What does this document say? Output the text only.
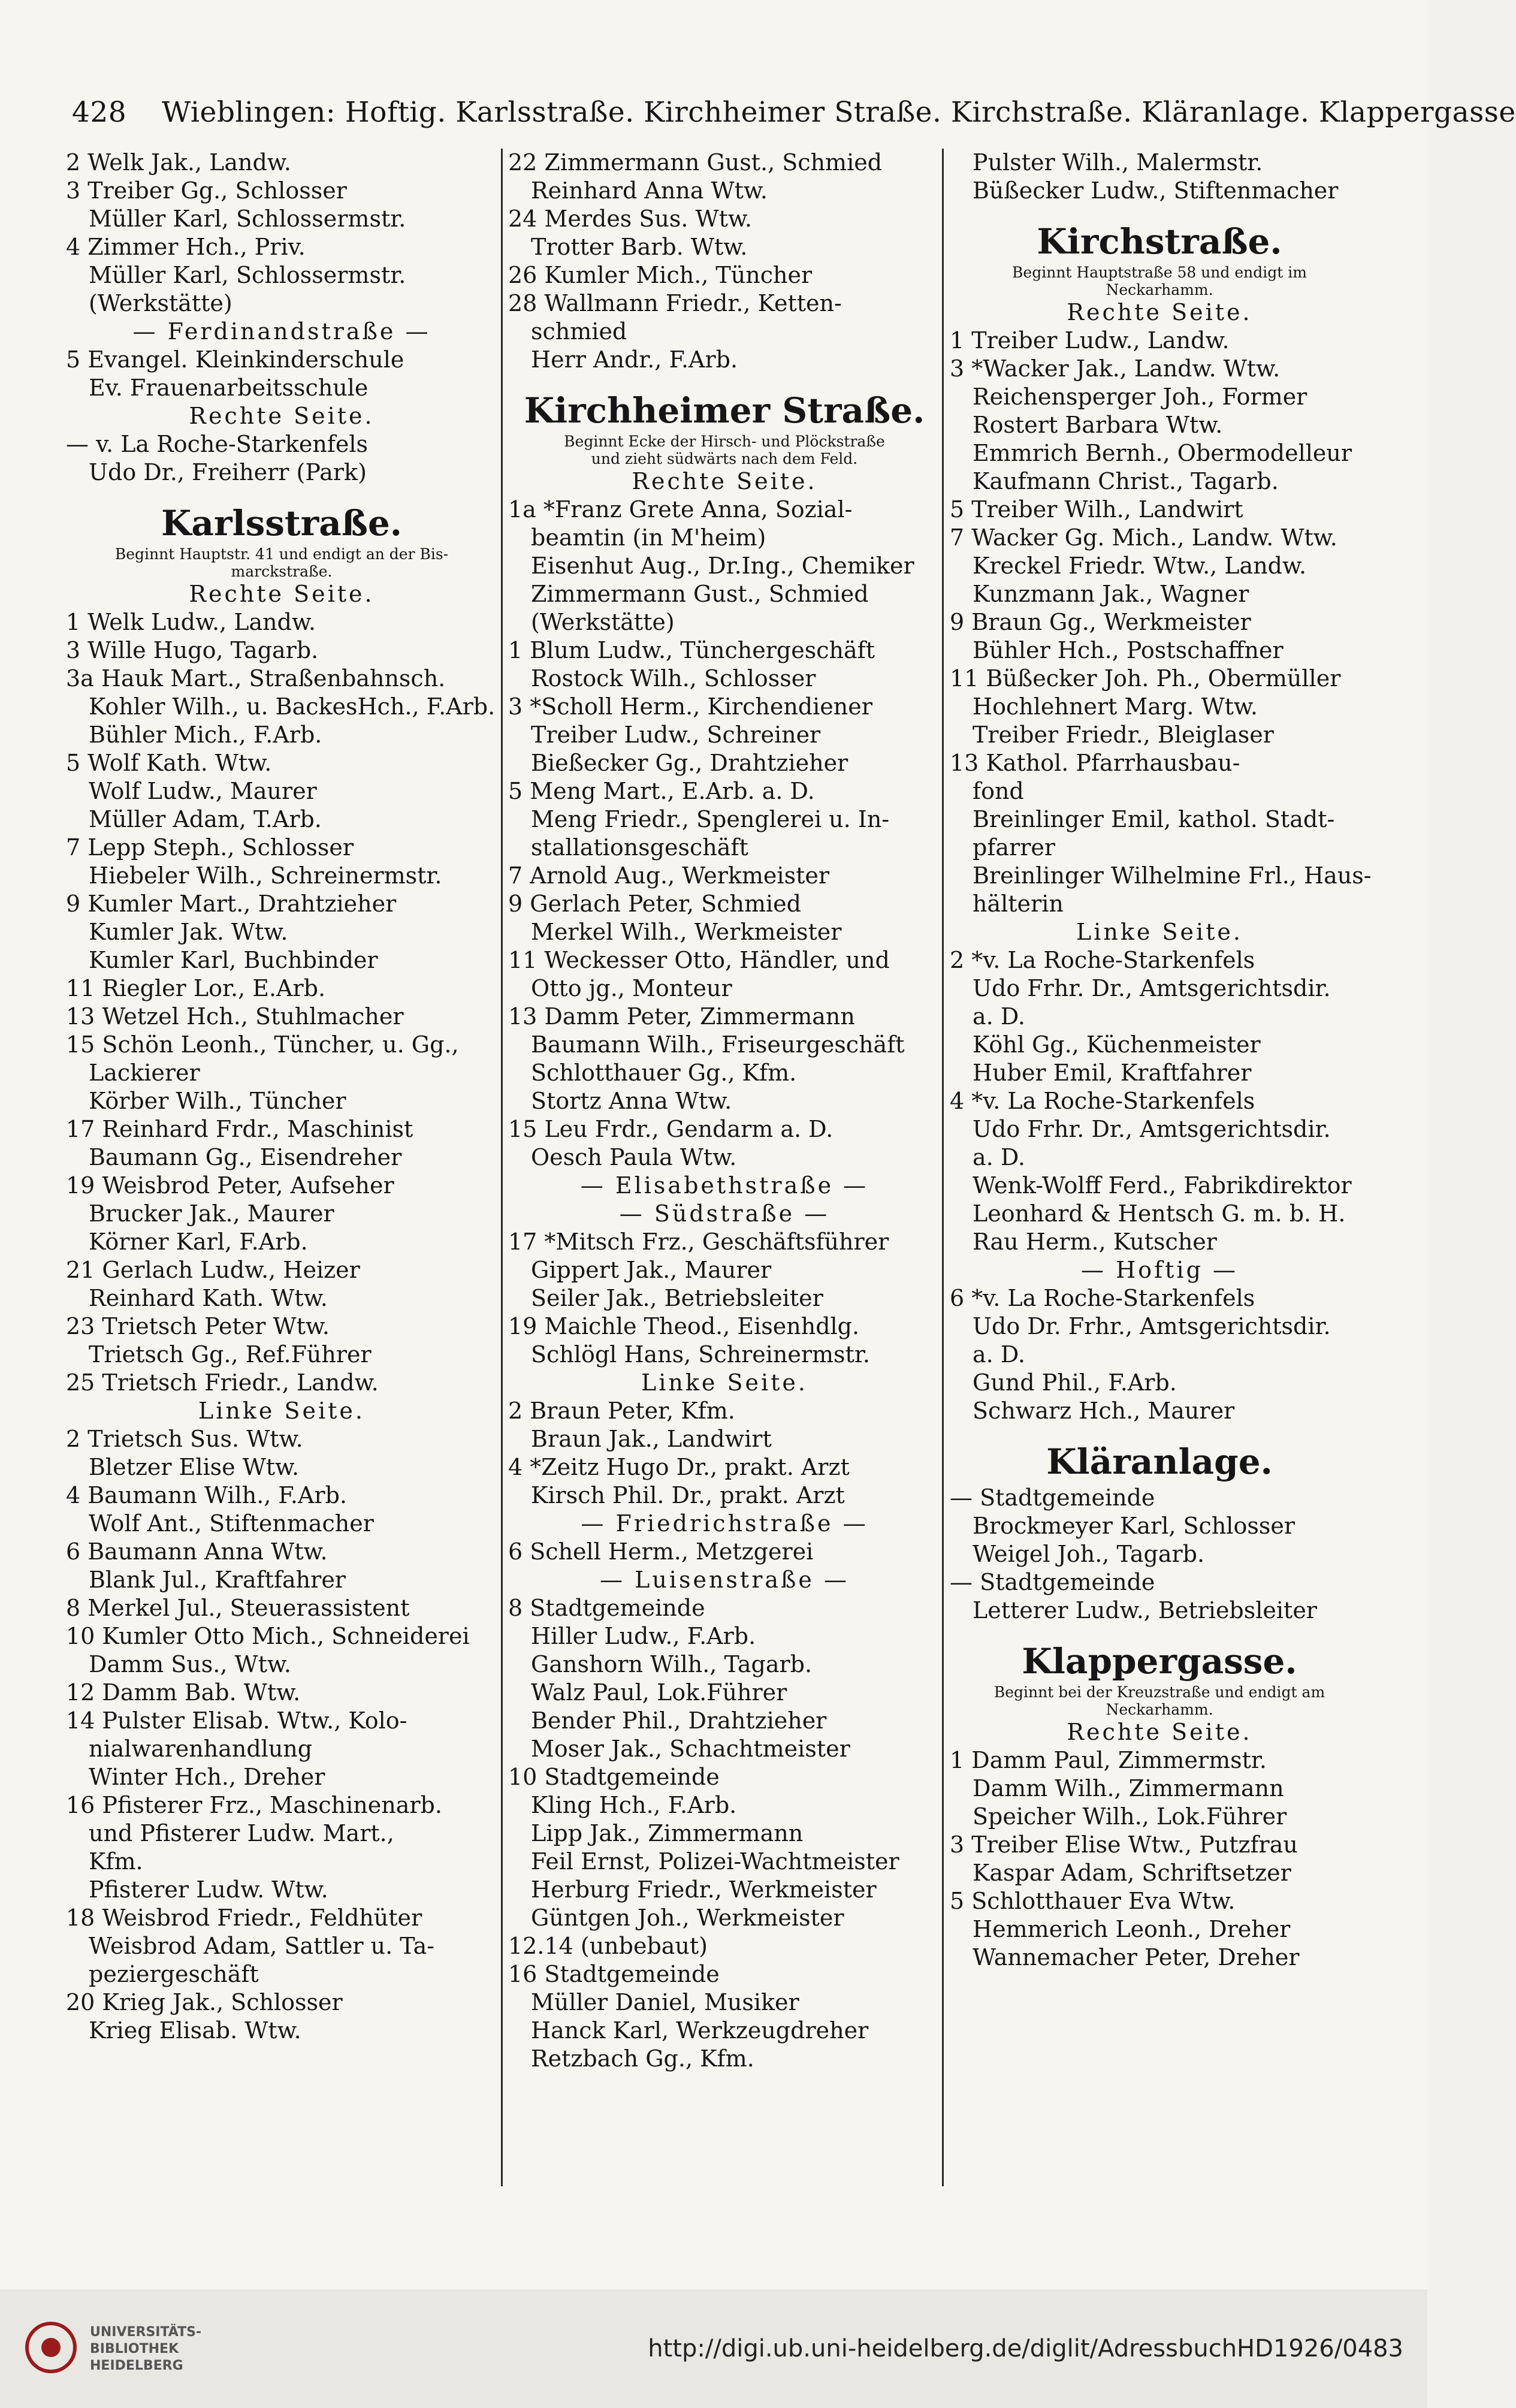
428 Wieblingen: Hoftig. Karlsstraße. Kirchheimer Straße. Kirchstraße. Kläranlage. Klappergasse
2 Welk Jak., Landw.
3 Treiber Gg., Schlosser
Müller Karl, Schlossermstr.
4 Zimmer Hch., Priv.
Müller Karl, Schlossermstr.
(Werkstätte)
— Ferdinandstraße —
5 Evangel. Kleinkinderschule
Ev. Frauenarbeitsschule
Rechte Seite.
— v. La Roche-Starkenfels
Udo Dr., Freiherr (Park)
Karlsstraße.
Beginnt Hauptstr. 41 und endigt an der Bis-
marckstraße.
Rechte Seite.
1 Welk Ludw., Landw.
3 Wille Hugo, Tagarb.
3a Hauk Mart., Straßenbahnsch.
Kohler Wilh., u. BackesHch., F.Arb.
Bühler Mich., F.Arb.
5 Wolf Kath. Wtw.
Wolf Ludw., Maurer
Müller Adam, T.Arb.
7 Lepp Steph., Schlosser
Hiebeler Wilh., Schreinermstr.
9 Kumler Mart., Drahtzieher
Kumler Jak. Wtw.
Kumler Karl, Buchbinder
11 Riegler Lor., E.Arb.
13 Wetzel Hch., Stuhlmacher
15 Schön Leonh., Tüncher, u. Gg.,
Lackierer
Körber Wilh., Tüncher
17 Reinhard Frdr., Maschinist
Baumann Gg., Eisendreher
19 Weisbrod Peter, Aufseher
Brucker Jak., Maurer
Körner Karl, F.Arb.
21 Gerlach Ludw., Heizer
Reinhard Kath. Wtw.
23 Trietsch Peter Wtw.
Trietsch Gg., Ref.Führer
25 Trietsch Friedr., Landw.
Linke Seite.
2 Trietsch Sus. Wtw.
Bletzer Elise Wtw.
4 Baumann Wilh., F.Arb.
Wolf Ant., Stiftenmacher
6 Baumann Anna Wtw.
Blank Jul., Kraftfahrer
8 Merkel Jul., Steuerassistent
10 Kumler Otto Mich., Schneiderei
Damm Sus., Wtw.
12 Damm Bab. Wtw.
14 Pulster Elisab. Wtw., Kolo-
nialwarenhandlung
Winter Hch., Dreher
16 Pfisterer Frz., Maschinenarb.
und Pfisterer Ludw. Mart.,
Kfm.
Pfisterer Ludw. Wtw.
18 Weisbrod Friedr., Feldhüter
Weisbrod Adam, Sattler u. Ta-
peziergeschäft
20 Krieg Jak., Schlosser
Krieg Elisab. Wtw.
22 Zimmermann Gust., Schmied
Reinhard Anna Wtw.
24 Merdes Sus. Wtw.
Trotter Barb. Wtw.
26 Kumler Mich., Tüncher
28 Wallmann Friedr., Ketten-
schmied
Herr Andr., F.Arb.
Kirchheimer Straße.
Beginnt Ecke der Hirsch- und Plöckstraße
und zieht südwärts nach dem Feld.
Rechte Seite.
1a *Franz Grete Anna, Sozial-
beamtin (in M'heim)
Eisenhut Aug., Dr.Ing., Chemiker
Zimmermann Gust., Schmied
(Werkstätte)
1 Blum Ludw., Tünchergeschäft
Rostock Wilh., Schlosser
3 *Scholl Herm., Kirchendiener
Treiber Ludw., Schreiner
Bießecker Gg., Drahtzieher
5 Meng Mart., E.Arb. a. D.
Meng Friedr., Spenglerei u. In-
stallationsgeschäft
7 Arnold Aug., Werkmeister
9 Gerlach Peter, Schmied
Merkel Wilh., Werkmeister
11 Weckesser Otto, Händler, und
Otto jg., Monteur
13 Damm Peter, Zimmermann
Baumann Wilh., Friseurgeschäft
Schlotthauer Gg., Kfm.
Stortz Anna Wtw.
15 Leu Frdr., Gendarm a. D.
Oesch Paula Wtw.
— Elisabethstraße —
— Südstraße —
17 *Mitsch Frz., Geschäftsführer
Gippert Jak., Maurer
Seiler Jak., Betriebsleiter
19 Maichle Theod., Eisenhdlg.
Schlögl Hans, Schreinermstr.
Linke Seite.
2 Braun Peter, Kfm.
Braun Jak., Landwirt
4 *Zeitz Hugo Dr., prakt. Arzt
Kirsch Phil. Dr., prakt. Arzt
— Friedrichstraße —
6 Schell Herm., Metzgerei
— Luisenstraße —
8 Stadtgemeinde
Hiller Ludw., F.Arb.
Ganshorn Wilh., Tagarb.
Walz Paul, Lok.Führer
Bender Phil., Drahtzieher
Moser Jak., Schachtmeister
10 Stadtgemeinde
Kling Hch., F.Arb.
Lipp Jak., Zimmermann
Feil Ernst, Polizei-Wachtmeister
Herburg Friedr., Werkmeister
Güntgen Joh., Werkmeister
12.14 (unbebaut)
16 Stadtgemeinde
Müller Daniel, Musiker
Hanck Karl, Werkzeugdreher
Retzbach Gg., Kfm.
Pulster Wilh., Malermstr.
Büßecker Ludw., Stiftenmacher
Kirchstraße.
Beginnt Hauptstraße 58 und endigt im
Neckarhamm.
Rechte Seite.
1 Treiber Ludw., Landw.
3 *Wacker Jak., Landw. Wtw.
Reichensperger Joh., Former
Rostert Barbara Wtw.
Emmrich Bernh., Obermodelleur
Kaufmann Christ., Tagarb.
5 Treiber Wilh., Landwirt
7 Wacker Gg. Mich., Landw. Wtw.
Kreckel Friedr. Wtw., Landw.
Kunzmann Jak., Wagner
9 Braun Gg., Werkmeister
Bühler Hch., Postschaffner
11 Büßecker Joh. Ph., Obermüller
Hochlehnert Marg. Wtw.
Treiber Friedr., Bleiglaser
13 Kathol. Pfarrhausbau-
fond
Breinlinger Emil, kathol. Stadt-
pfarrer
Breinlinger Wilhelmine Frl., Haus-
hälterin
Linke Seite.
2 *v. La Roche-Starkenfels
Udo Frhr. Dr., Amtsgerichtsdir.
a. D.
Köhl Gg., Küchenmeister
Huber Emil, Kraftfahrer
4 *v. La Roche-Starkenfels
Udo Frhr. Dr., Amtsgerichtsdir.
a. D.
Wenk-Wolff Ferd., Fabrikdirektor
Leonhard & Hentsch G. m. b. H.
Rau Herm., Kutscher
— Hoftig —
6 *v. La Roche-Starkenfels
Udo Dr. Frhr., Amtsgerichtsdir.
a. D.
Gund Phil., F.Arb.
Schwarz Hch., Maurer
Kläranlage.
— Stadtgemeinde
Brockmeyer Karl, Schlosser
Weigel Joh., Tagarb.
— Stadtgemeinde
Letterer Ludw., Betriebsleiter
Klappergasse.
Beginnt bei der Kreuzstraße und endigt am
Neckarhamm.
Rechte Seite.
1 Damm Paul, Zimmermstr.
Damm Wilh., Zimmermann
Speicher Wilh., Lok.Führer
3 Treiber Elise Wtw., Putzfrau
Kaspar Adam, Schriftsetzer
5 Schlotthauer Eva Wtw.
Hemmerich Leonh., Dreher
Wannemacher Peter, Dreher
UNIVERSITÄTS-
BIBLIOTHEK
HEIDELBERG
http://digi.ub.uni-heidelberg.de/diglit/AdressbuchHD1926/0483
